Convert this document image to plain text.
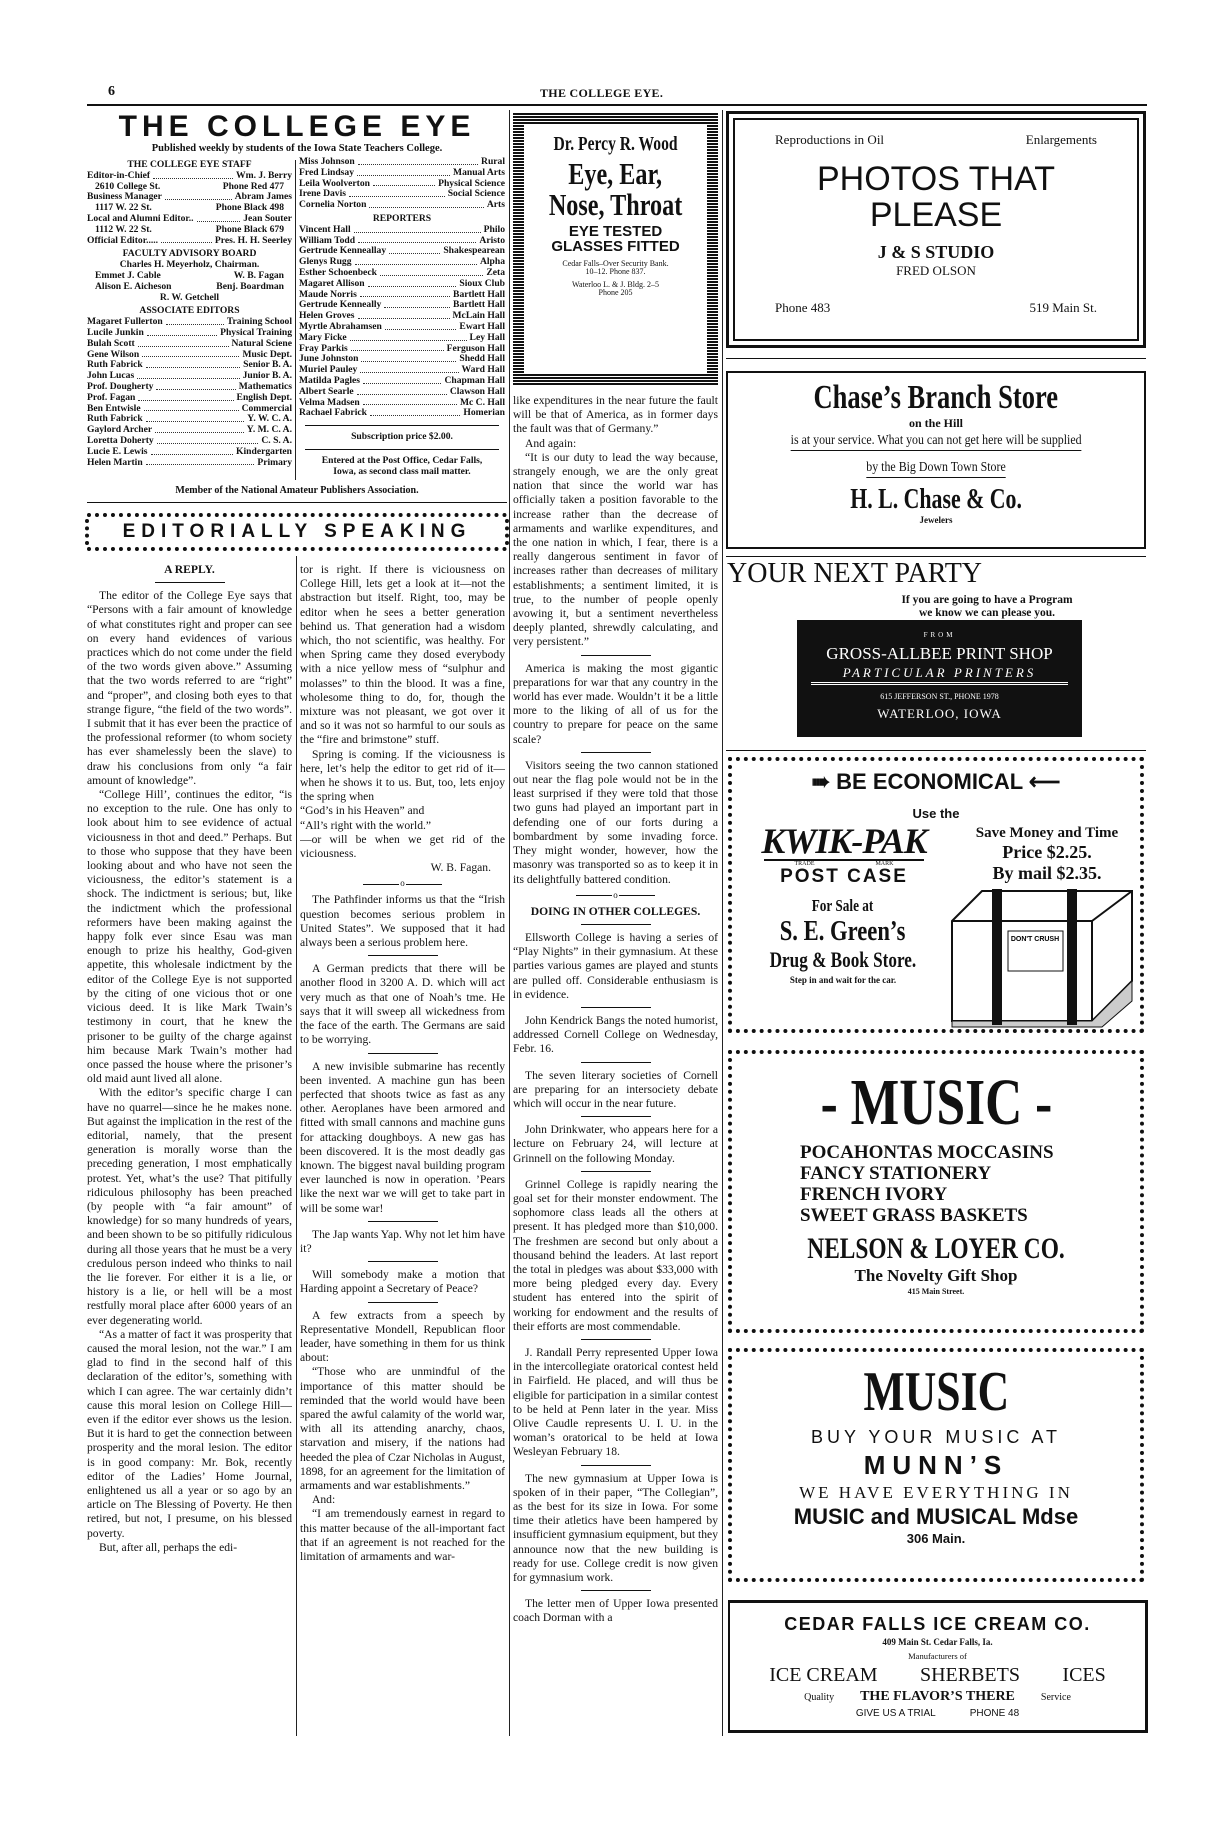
6	THE COLLEGE EYE.
THE COLLEGE EYE
Published weekly by students of the Iowa State Teachers College.
THE COLLEGE EYE STAFF
Editor-in-Chief	Wm. J. Berry
2610 College St.	Phone Red 477
Business Manager	Abram James
1117 W. 22 St.	Phone Black 498
Local and Alumni Editor..	Jean Souter
1112 W. 22 St.	Phone Black 679
Official Editor.....	Pres. H. H. Seerley
FACULTY ADVISORY BOARD
Charles H. Meyerholz, Chairman.
Emmet J. Cable	W. B. Fagan
Alison E. Aicheson	Benj. Boardman
R. W. Getchell
ASSOCIATE EDITORS
Magaret Fullerton	Training School
Lucile Junkin	Physical Training
Bulah Scott	Natural Sciene
Gene Wilson	Music Dept.
Ruth Fabrick	Senior B. A.
John Lucas	Junior B. A.
Prof. Dougherty	Mathematics
Prof. Fagan	English Dept.
Ben Entwisle	Commercial
Ruth Fabrick	Y. W. C. A.
Gaylord Archer	Y. M. C. A.
Loretta Doherty	C. S. A.
Lucie E. Lewis	Kindergarten
Helen Martin	Primary
Miss Johnson	Rural
Fred Lindsay	Manual Arts
Leila Woolverton	Physical Science
Irene Davis	Social Science
Cornelia Norton	Arts
REPORTERS
Vincent Hall	Philo
William Todd	Aristo
Gertrude Kenneallay	Shakespearean
Glenys Rugg	Alpha
Esther Schoenbeck	Zeta
Magaret Allison	Sioux Club
Maude Norris	Bartlett Hall
Gertrude Kenneally	Bartlett Hall
Helen Groves	McLain Hall
Myrtle Abrahamsen	Ewart Hall
Mary Ficke	Ley Hall
Fray Parkis	Ferguson Hall
June Johnston	Shedd Hall
Muriel Pauley	Ward Hall
Matilda Pagles	Chapman Hall
Albert Searle	Clawson Hall
Velma Madsen	Mc C. Hall
Rachael Fabrick	Homerian
Subscription price $2.00.
Entered at the Post Office, Cedar Falls,
Iowa, as second class mail matter.
Member of the National Amateur Publishers Association.
EDITORIALLY SPEAKING
A REPLY.

The editor of the College Eye says that “Persons with a fair amount of knowledge of what constitutes right and proper can see on every hand evidences of various practices which do not come under the field of the two words given above.” Assuming that the two words referred to are “right” and “proper”, and closing both eyes to that strange figure, “the field of the two words”. I submit that it has ever been the practice of the professional reformer (to whom society has ever shamelessly been the slave) to draw his conclusions from only “a fair amount of knowledge”.

“College Hill’, continues the editor, “is no exception to the rule. One has only to look about him to see evidence of actual viciousness in thot and deed.” Perhaps. But to those who suppose that they have been looking about and who have not seen the viciousness, the editor’s statement is a shock. The indictment is serious; but, like the indictment which the professional reformers have been making against the happy folk ever since Esau was man enough to prize his healthy, God-given appetite, this wholesale indictment by the editor of the College Eye is not supported by the citing of one vicious thot or one vicious deed. It is like Mark Twain’s testimony in court, that he knew the prisoner to be guilty of the charge against him because Mark Twain’s mother had once passed the house where the prisoner’s old maid aunt lived all alone.

With the editor’s specific charge I can have no quarrel—since he he makes none. But against the implication in the rest of the editorial, namely, that the present generation is morally worse than the preceding generation, I most emphatically protest. Yet, what’s the use? That pitifully ridiculous philosophy has been preached (by people with “a fair amount” of knowledge) for so many hundreds of years, and been shown to be so pitifully ridiculous during all those years that he must be a very credulous person indeed who thinks to nail the lie forever. For either it is a lie, or history is a lie, or hell will be a most restfully moral place after 6000 years of an ever degenerating world.

“As a matter of fact it was prosperity that caused the moral lesion, not the war.” I am glad to find in the second half of this declaration of the editor’s, something with which I can agree. The war certainly didn’t cause this moral lesion on College Hill—even if the editor ever shows us the lesion. But it is hard to get the connection between prosperity and the moral lesion. The editor is in good company: Mr. Bok, recently editor of the Ladies’ Home Journal, enlightened us all a year or so ago by an article on The Blessing of Poverty. He then retired, but not, I presume, on his blessed poverty.

But, after all, perhaps the edi-

tor is right. If there is viciousness on College Hill, lets get a look at it—not the abstraction but itself. Right, too, may be editor when he sees a better generation behind us. That generation had a wisdom which, tho not scientific, was healthy. For when Spring came they dosed everybody with a nice yellow mess of “sulphur and molasses” to thin the blood. It was a fine, wholesome thing to do, for, though the mixture was not pleasant, we got over it and so it was not so harmful to our souls as the “fire and brimstone” stuff.

Spring is coming. If the viciousness is here, let’s help the editor to get rid of it—when he shows it to us. But, too, lets enjoy the spring when

“God’s in his Heaven” and

“All’s right with the world.”

—or will be when we get rid of the viciousness.

W. B. Fagan.

o

The Pathfinder informs us that the “Irish question becomes serious problem in United States”. We supposed that it had always been a serious problem here.

A German predicts that there will be another flood in 3200 A. D. which will act very much as that one of Noah’s tme. He says that it will sweep all wickedness from the face of the earth. The Germans are said to be worrying.

A new invisible submarine has recently been invented. A machine gun has been perfected that shoots twice as fast as any other. Aeroplanes have been armored and fitted with small cannons and machine guns for attacking doughboys. A new gas has been discovered. It is the most deadly gas known. The biggest naval building program ever launched is now in operation. ’Pears like the next war we will get to take part in will be some war!

The Jap wants Yap. Why not let him have it?

Will somebody make a motion that Harding appoint a Secretary of Peace?

A few extracts from a speech by Representative Mondell, Republican floor leader, have something in them for us think about:

“Those who are unmindful of the importance of this matter should be reminded that the world would have been spared the awful calamity of the world war, with all its attending anarchy, chaos, starvation and misery, if the nations had heeded the plea of Czar Nicholas in August, 1898, for an agreement for the limitation of armaments and war establishments.”

And:

“I am tremendously earnest in regard to this matter because of the all-important fact that if an agreement is not reached for the limitation of armaments and war-

like expenditures in the near future the fault will be that of America, as in former days the fault was that of Germany.”

And again:

“It is our duty to lead the way because, strangely enough, we are the only great nation that since the world war has officially taken a position favorable to the increase rather than the decrease of armaments and warlike expenditures, and the one nation in which, I fear, there is a really dangerous sentiment in favor of increases rather than decreases of military establishments; a sentiment limited, it is true, to the number of people openly avowing it, but a sentiment nevertheless deeply planted, shrewdly calculating, and very persistent.”

America is making the most gigantic preparations for war that any country in the world has ever made. Wouldn’t it be a little more to the liking of all of us for the country to prepare for peace on the same scale?

Visitors seeing the two cannon stationed out near the flag pole would not be in the least surprised if they were told that those two guns had played an important part in defending one of our forts during a bombardment by some invading force. They might wonder, however, how the masonry was transported so as to keep it in its delightfully battered condition.

o
DOING IN OTHER COLLEGES.

Ellsworth College is having a series of “Play Nights” in their gymnasium. At these parties various games are played and stunts are pulled off. Considerable enthusiasm is in evidence.

John Kendrick Bangs the noted humorist, addressed Cornell College on Wednesday, Febr. 16.

The seven literary societies of Cornell are preparing for an intersociety debate which will occur in the near future.

John Drinkwater, who appears here for a lecture on February 24, will lecture at Grinnell on the following Monday.

Grinnel College is rapidly nearing the goal set for their monster endowment. The sophomore class leads all the others at present. It has pledged more than $10,000. The freshmen are second but only about a thousand behind the leaders. At last report the total in pledges was about $33,000 with more being pledged every day. Every student has entered into the spirit of working for endowment and the results of their efforts are most commendable.

J. Randall Perry represented Upper Iowa in the intercollegiate oratorical contest held in Fairfield. He placed, and will thus be eligible for participation in a similar contest to be held at Penn later in the year. Miss Olive Caudle represents U. I. U. in the woman’s oratorical to be held at Iowa Wesleyan February 18.

The new gymnasium at Upper Iowa is spoken of in their paper, “The Collegian”, as the best for its size in Iowa. For some time their atletics have been hampered by insufficient gymnasium equipment, but they announce now that the new building is ready for use. College credit is now given for gymnasium work.

The letter men of Upper Iowa presented coach Dorman with a

Dr. Percy R. Wood
Eye, Ear,
Nose, Throat
EYE TESTED
GLASSES FITTED
Cedar Falls–Over Security Bank.
10–12. Phone 837.
Waterloo L. & J. Bldg. 2–5
Phone 205
Reproductions in Oil	Enlargements
PHOTOS THAT
PLEASE
J & S STUDIO
FRED OLSON
Phone 483	519 Main St.
Chase’s Branch Store
on the Hill
is at your service. What you can not get here will be supplied
by the Big Down Town Store
H. L. Chase & Co.
Jewelers
YOUR NEXT PARTY
If you are going to have a Program
we know we can please you.
FROM
GROSS-ALLBEE PRINT SHOP
PARTICULAR PRINTERS
615 JEFFERSON ST., PHONE 1978
WATERLOO, IOWA
➠ BE ECONOMICAL ⟵
Use the
KWIK-PAK
TRADE	MARK
POST CASE
Save Money and Time
Price $2.25.
By mail $2.35.
For Sale at
S. E. Green’s
Drug & Book Store.
Step in and wait for the car.
DON'T CRUSH
- MUSIC -
POCAHONTAS MOCCASINS
FANCY STATIONERY
FRENCH IVORY
SWEET GRASS BASKETS
NELSON & LOYER CO.
The Novelty Gift Shop
415 Main Street.
MUSIC
BUY YOUR MUSIC AT
MUNN’S
WE HAVE EVERYTHING IN
MUSIC and MUSICAL Mdse
306 Main.
CEDAR FALLS ICE CREAM CO.
409 Main St. Cedar Falls, Ia.
Manufacturers of
ICE CREAM SHERBETS ICES
Quality THE FLAVOR’S THERE	Service
GIVE US A TRIAL	PHONE 48
